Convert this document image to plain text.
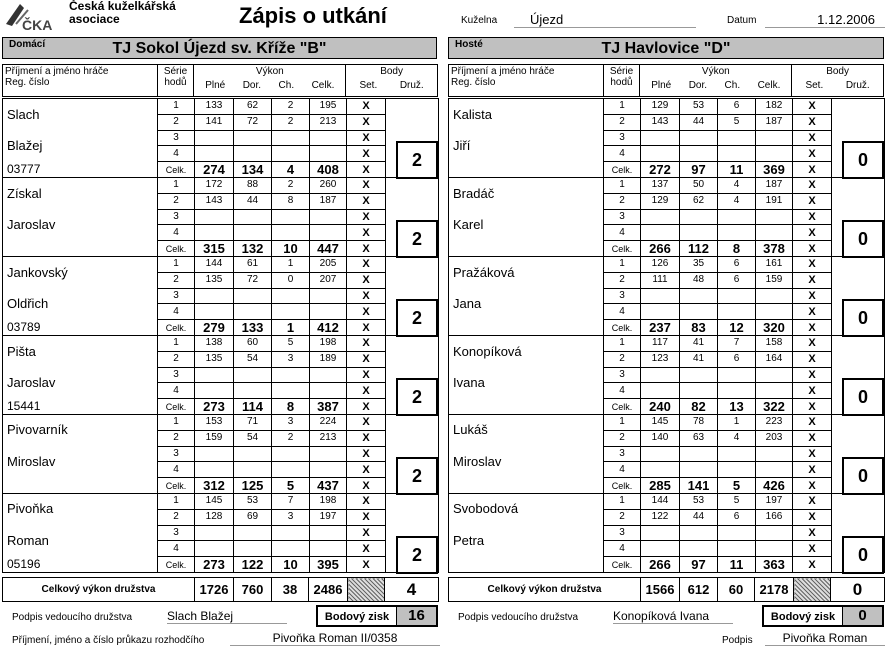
ČKA
Česká kuželkářská
asociace	Zápis o utkání	Kuželna	Újezd	Datum	1.12.2006
Domácí	TJ Sokol Újezd sv. Kříže "B"	Hosté	TJ Havlovice "D"
Příjmení a jméno hráče
Reg. číslo

Série
hodů

Výkon
Plné Dor. Ch. Celk.

Body
Set. Druž.
Slach	1	133	62	2	195	X	
	2	141	72	2	213	X	
Blažej	3					X	
	4					X	
03777	Celk.	274	134	4	408	X	
Získal	1	172	88	2	260	X	
	2	143	44	8	187	X	
Jaroslav	3					X	
	4					X	
	Celk.	315	132	10	447	X	
Jankovský	1	144	61	1	205	X	
	2	135	72	0	207	X	
Oldřich	3					X	
	4					X	
03789	Celk.	279	133	1	412	X	
Pišta	1	138	60	5	198	X	
	2	135	54	3	189	X	
Jaroslav	3					X	
	4					X	
15441	Celk.	273	114	8	387	X	
Pivovarník	1	153	71	3	224	X	
	2	159	54	2	213	X	
Miroslav	3					X	
	4					X	
	Celk.	312	125	5	437	X	
Pivoňka	1	145	53	7	198	X	
	2	128	69	3	197	X	
Roman	3					X	
	4					X	
05196	Celk.	273	122	10	395	X	
2
2
2
2
2
2
Celkový výkon družstva	1726	760	38	2486		4
Podpis vedoucího družstva	Slach Blažej	Bodový zisk 16
Příjmení a jméno hráče
Reg. číslo

Série
hodů

Výkon
Plné Dor. Ch. Celk.

Body
Set. Druž.
Kalista	1	129	53	6	182	X	
	2	143	44	5	187	X	
Jiří	3					X	
	4					X	
	Celk.	272	97	11	369	X	
Bradáč	1	137	50	4	187	X	
	2	129	62	4	191	X	
Karel	3					X	
	4					X	
	Celk.	266	112	8	378	X	
Pražáková	1	126	35	6	161	X	
	2	111	48	6	159	X	
Jana	3					X	
	4					X	
	Celk.	237	83	12	320	X	
Konopíková	1	117	41	7	158	X	
	2	123	41	6	164	X	
Ivana	3					X	
	4					X	
	Celk.	240	82	13	322	X	
Lukáš	1	145	78	1	223	X	
	2	140	63	4	203	X	
Miroslav	3					X	
	4					X	
	Celk.	285	141	5	426	X	
Svobodová	1	144	53	5	197	X	
	2	122	44	6	166	X	
Petra	3					X	
	4					X	
	Celk.	266	97	11	363	X	
0
0
0
0
0
0
Celkový výkon družstva	1566	612	60	2178		0
Podpis vedoucího družstva	Konopíková Ivana	Bodový zisk 0
Příjmení, jméno a číslo průkazu rozhodčího	Pivoňka Roman II/0358	Podpis	Pivoňka Roman
